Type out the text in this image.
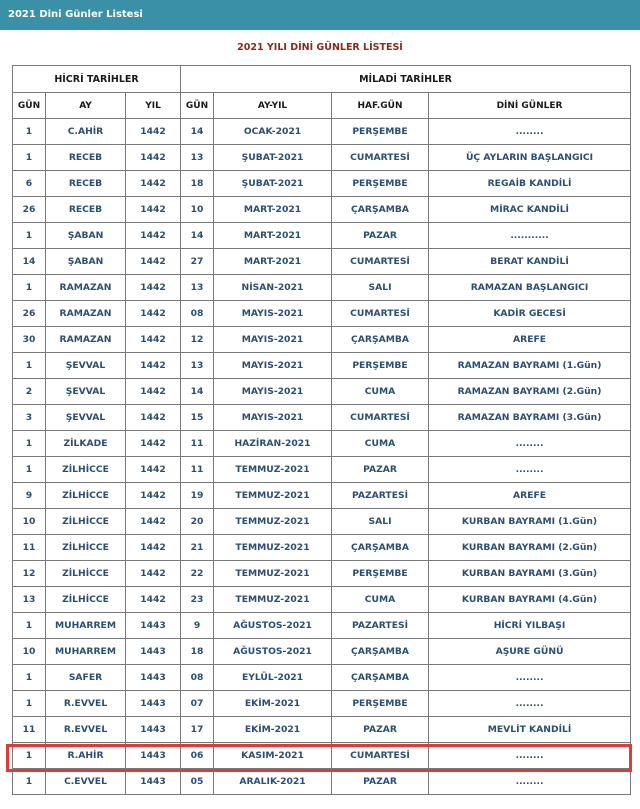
2021 Dini Günler Listesi
2021 YILI DİNİ GÜNLER LİSTESİ
HİCRİ TARİHLER			MİLADİ TARİHLER			
GÜN	AY	YIL	GÜN	AY-YIL	HAF.GÜN	DİNİ GÜNLER
1	C.AHİR	1442	14	OCAK-2021	PERŞEMBE	........
1	RECEB	1442	13	ŞUBAT-2021	CUMARTESİ	ÜÇ AYLARIN BAŞLANGICI
6	RECEB	1442	18	ŞUBAT-2021	PERŞEMBE	REGAİB KANDİLİ
26	RECEB	1442	10	MART-2021	ÇARŞAMBA	MİRAC KANDİLİ
1	ŞABAN	1442	14	MART-2021	PAZAR	...........
14	ŞABAN	1442	27	MART-2021	CUMARTESİ	BERAT KANDİLİ
1	RAMAZAN	1442	13	NİSAN-2021	SALI	RAMAZAN BAŞLANGICI
26	RAMAZAN	1442	08	MAYIS-2021	CUMARTESİ	KADİR GECESİ
30	RAMAZAN	1442	12	MAYIS-2021	ÇARŞAMBA	AREFE
1	ŞEVVAL	1442	13	MAYIS-2021	PERŞEMBE	RAMAZAN BAYRAMI (1.Gün)
2	ŞEVVAL	1442	14	MAYIS-2021	CUMA	RAMAZAN BAYRAMI (2.Gün)
3	ŞEVVAL	1442	15	MAYIS-2021	CUMARTESİ	RAMAZAN BAYRAMI (3.Gün)
1	ZİLKADE	1442	11	HAZİRAN-2021	CUMA	........
1	ZİLHİCCE	1442	11	TEMMUZ-2021	PAZAR	........
9	ZİLHİCCE	1442	19	TEMMUZ-2021	PAZARTESİ	AREFE
10	ZİLHİCCE	1442	20	TEMMUZ-2021	SALI	KURBAN BAYRAMI (1.Gün)
11	ZİLHİCCE	1442	21	TEMMUZ-2021	ÇARŞAMBA	KURBAN BAYRAMI (2.Gün)
12	ZİLHİCCE	1442	22	TEMMUZ-2021	PERŞEMBE	KURBAN BAYRAMI (3.Gün)
13	ZİLHİCCE	1442	23	TEMMUZ-2021	CUMA	KURBAN BAYRAMI (4.Gün)
1	MUHARREM	1443	9	AĞUSTOS-2021	PAZARTESİ	HİCRİ YILBAŞI
10	MUHARREM	1443	18	AĞUSTOS-2021	ÇARŞAMBA	AŞURE GÜNÜ
1	SAFER	1443	08	EYLÜL-2021	ÇARŞAMBA	........
1	R.EVVEL	1443	07	EKİM-2021	PERŞEMBE	........
11	R.EVVEL	1443	17	EKİM-2021	PAZAR	MEVLİT KANDİLİ
1	R.AHİR	1443	06	KASIM-2021	CUMARTESİ	........
1	C.EVVEL	1443	05	ARALIK-2021	PAZAR	........
